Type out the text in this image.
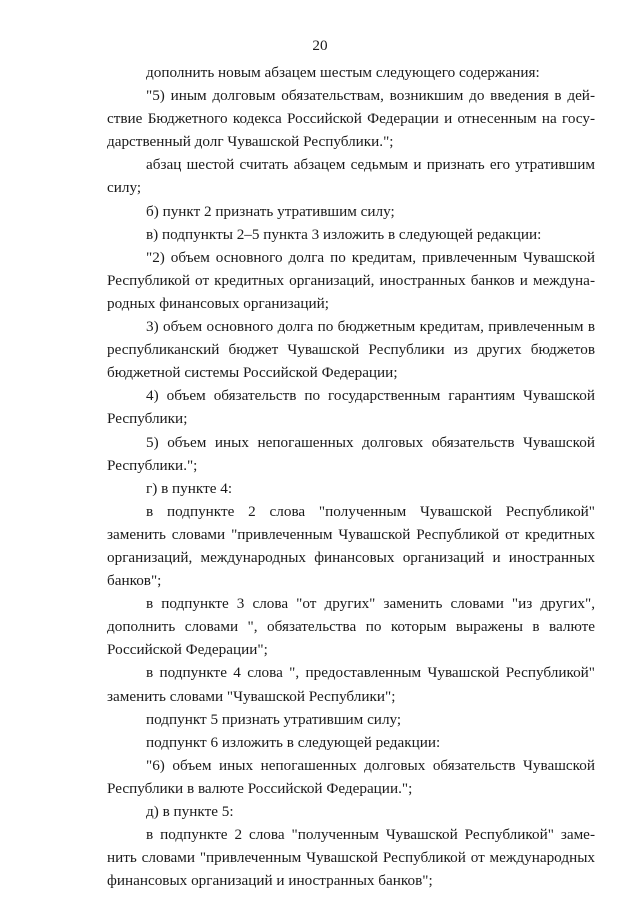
20

дополнить новым абзацем шестым следующего содержания:

"5) иным долговым обязательствам, возникшим до введения в действие Бюджетного кодекса Российской Федерации и отнесенным на государственный долг Чувашской Республики.";

абзац шестой считать абзацем седьмым и признать его утратившим силу;

б) пункт 2 признать утратившим силу;

в) подпункты 2–5 пункта 3 изложить в следующей редакции:

"2) объем основного долга по кредитам, привлеченным Чувашской Республикой от кредитных организаций, иностранных банков и международных финансовых организаций;

3) объем основного долга по бюджетным кредитам, привлеченным в республиканский бюджет Чувашской Республики из других бюджетов бюджетной системы Российской Федерации;

4) объем обязательств по государственным гарантиям Чувашской Республики;

5) объем иных непогашенных долговых обязательств Чувашской Республики.";

г) в пункте 4:

в подпункте 2 слова "полученным Чувашской Республикой" заменить словами "привлеченным Чувашской Республикой от кредитных организаций, международных финансовых организаций и иностранных банков";

в подпункте 3 слова "от других" заменить словами "из других", дополнить словами ", обязательства по которым выражены в валюте Российской Федерации";

в подпункте 4 слова ", предоставленным Чувашской Республикой" заменить словами "Чувашской Республики";

подпункт 5 признать утратившим силу;

подпункт 6 изложить в следующей редакции:

"6) объем иных непогашенных долговых обязательств Чувашской Республики в валюте Российской Федерации.";

д) в пункте 5:

в подпункте 2 слова "полученным Чувашской Республикой" заменить словами "привлеченным Чувашской Республикой от международных финансовых организаций и иностранных банков";
